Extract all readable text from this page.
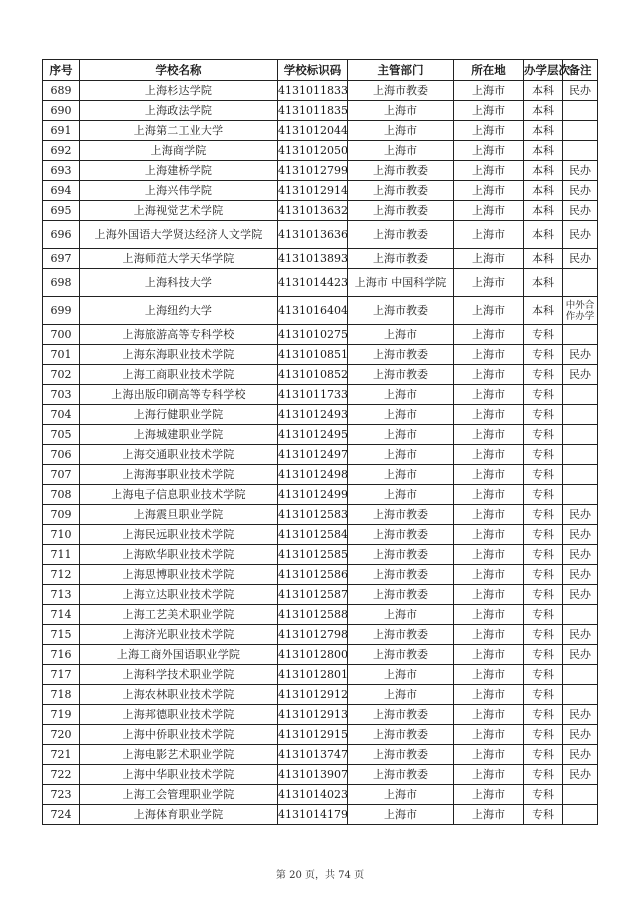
序号	学校名称	学校标识码	主管部门	所在地	办学层次	备注
689	上海杉达学院	4131011833	上海市教委	上海市	本科	民办
690	上海政法学院	4131011835	上海市	上海市	本科	
691	上海第二工业大学	4131012044	上海市	上海市	本科	
692	上海商学院	4131012050	上海市	上海市	本科	
693	上海建桥学院	4131012799	上海市教委	上海市	本科	民办
694	上海兴伟学院	4131012914	上海市教委	上海市	本科	民办
695	上海视觉艺术学院	4131013632	上海市教委	上海市	本科	民办
696	上海外国语大学贤达经济人文学院	4131013636	上海市教委	上海市	本科	民办
697	上海师范大学天华学院	4131013893	上海市教委	上海市	本科	民办
698	上海科技大学	4131014423	上海市 中国科学院	上海市	本科	
699	上海纽约大学	4131016404	上海市教委	上海市	本科	中外合作办学
700	上海旅游高等专科学校	4131010275	上海市	上海市	专科	
701	上海东海职业技术学院	4131010851	上海市教委	上海市	专科	民办
702	上海工商职业技术学院	4131010852	上海市教委	上海市	专科	民办
703	上海出版印刷高等专科学校	4131011733	上海市	上海市	专科	
704	上海行健职业学院	4131012493	上海市	上海市	专科	
705	上海城建职业学院	4131012495	上海市	上海市	专科	
706	上海交通职业技术学院	4131012497	上海市	上海市	专科	
707	上海海事职业技术学院	4131012498	上海市	上海市	专科	
708	上海电子信息职业技术学院	4131012499	上海市	上海市	专科	
709	上海震旦职业学院	4131012583	上海市教委	上海市	专科	民办
710	上海民远职业技术学院	4131012584	上海市教委	上海市	专科	民办
711	上海欧华职业技术学院	4131012585	上海市教委	上海市	专科	民办
712	上海思博职业技术学院	4131012586	上海市教委	上海市	专科	民办
713	上海立达职业技术学院	4131012587	上海市教委	上海市	专科	民办
714	上海工艺美术职业学院	4131012588	上海市	上海市	专科	
715	上海济光职业技术学院	4131012798	上海市教委	上海市	专科	民办
716	上海工商外国语职业学院	4131012800	上海市教委	上海市	专科	民办
717	上海科学技术职业学院	4131012801	上海市	上海市	专科	
718	上海农林职业技术学院	4131012912	上海市	上海市	专科	
719	上海邦德职业技术学院	4131012913	上海市教委	上海市	专科	民办
720	上海中侨职业技术学院	4131012915	上海市教委	上海市	专科	民办
721	上海电影艺术职业学院	4131013747	上海市教委	上海市	专科	民办
722	上海中华职业技术学院	4131013907	上海市教委	上海市	专科	民办
723	上海工会管理职业学院	4131014023	上海市	上海市	专科	
724	上海体育职业学院	4131014179	上海市	上海市	专科	
第 20 页，共 74 页
